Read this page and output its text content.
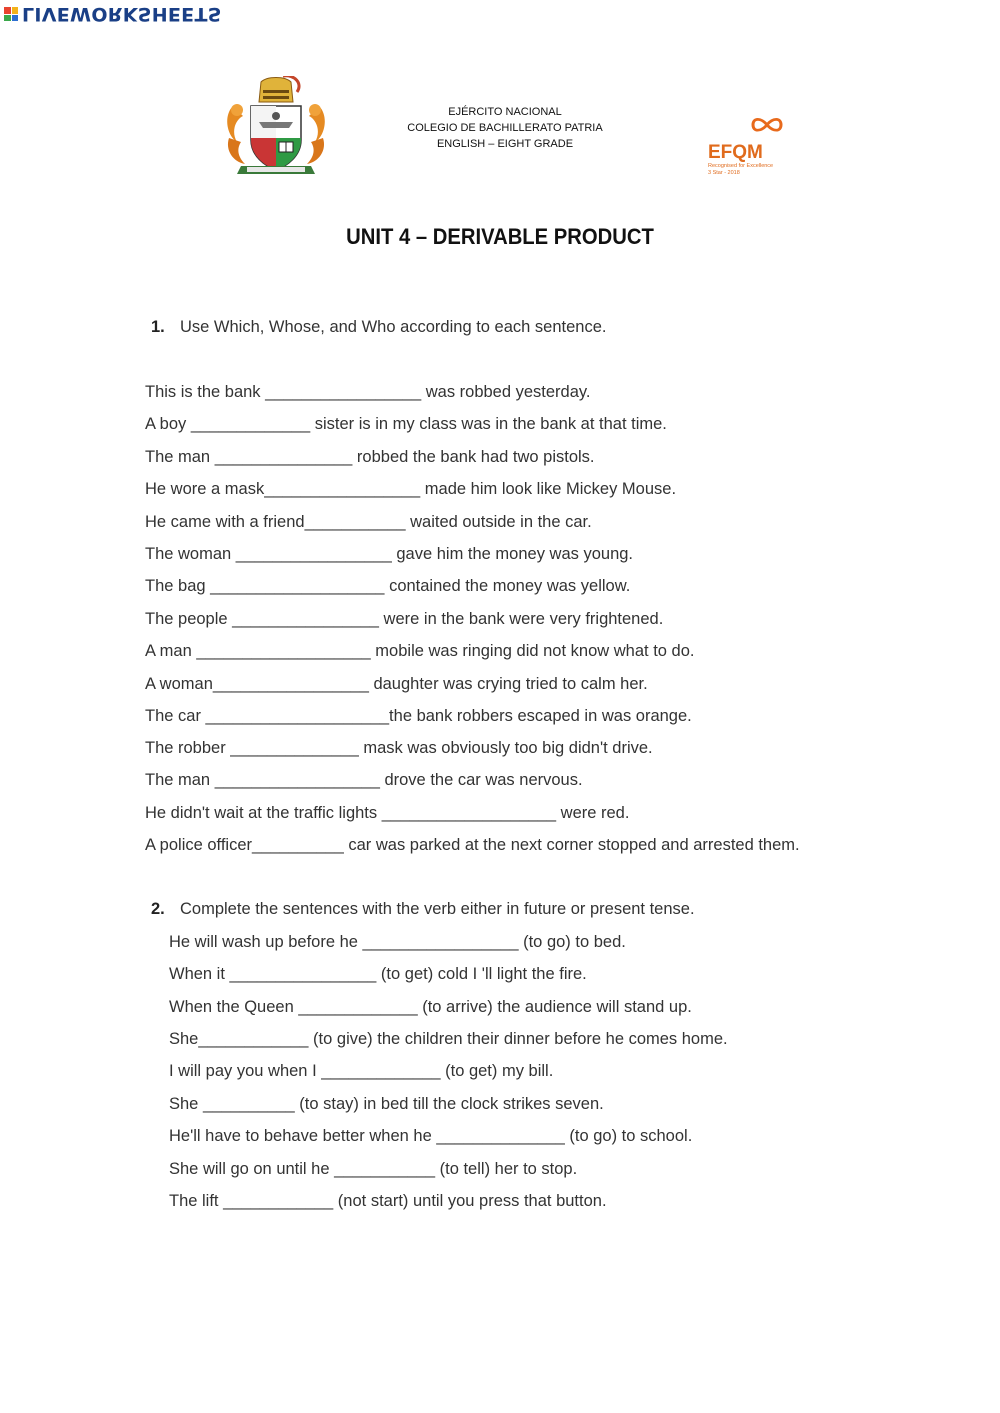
LIVEWORKSHEETS
EJÉRCITO NACIONAL
COLEGIO DE BACHILLERATO PATRIA
ENGLISH – EIGHT GRADE	EFQM
Recognised for Excellence
3 Star - 2018
UNIT 4 – DERIVABLE PRODUCT
1. Use Which, Whose, and Who according to each sentence.
This is the bank _________________ was robbed yesterday.
A boy _____________ sister is in my class was in the bank at that time.
The man _______________ robbed the bank had two pistols.
He wore a mask_________________ made him look like Mickey Mouse.
He came with a friend___________ waited outside in the car.
The woman _________________ gave him the money was young.
The bag ___________________ contained the money was yellow.
The people ________________ were in the bank were very frightened.
A man ___________________ mobile was ringing did not know what to do.
A woman_________________ daughter was crying tried to calm her.
The car ____________________the bank robbers escaped in was orange.
The robber ______________ mask was obviously too big didn't drive.
The man __________________ drove the car was nervous.
He didn't wait at the traffic lights ___________________ were red.
A police officer__________ car was parked at the next corner stopped and arrested them.
2. Complete the sentences with the verb either in future or present tense.
He will wash up before he _________________ (to go) to bed.
When it ________________ (to get) cold I 'll light the fire.
When the Queen _____________ (to arrive) the audience will stand up.
She____________ (to give) the children their dinner before he comes home.
I will pay you when I _____________ (to get) my bill.
She __________ (to stay) in bed till the clock strikes seven.
He'll have to behave better when he ______________ (to go) to school.
She will go on until he ___________ (to tell) her to stop.
The lift ____________ (not start) until you press that button.
